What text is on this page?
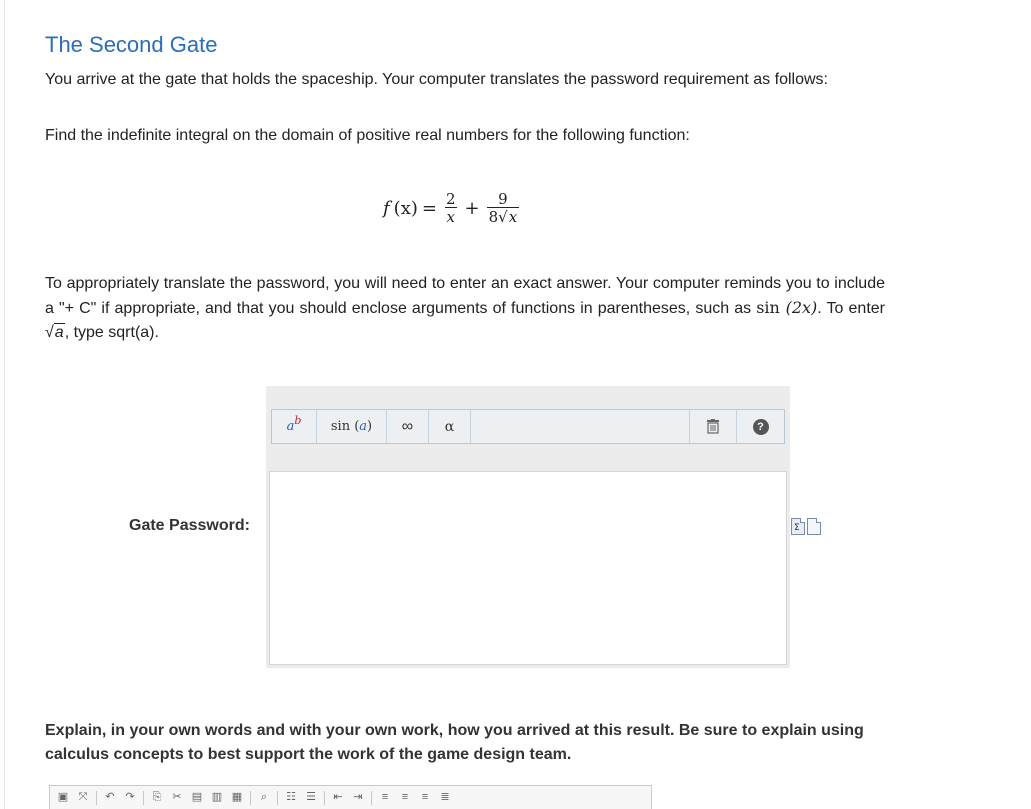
The Second Gate
You arrive at the gate that holds the spaceship. Your computer translates the password requirement as follows:
Find the indefinite integral on the domain of positive real numbers for the following function:
f $(x) = \frac{2}{x} + \frac{9}{8√x}$
To appropriately translate the password, you will need to enter an exact answer. Your computer reminds you to include a "+ C" if appropriate, and that you should enclose arguments of functions in parentheses, such as sin (2x). To enter √a, type sqrt(a).
Gate Password:
a b sin
( a )	∞	α	?
Σ
Explain, in your own words and with your own work, how you arrived at this result. Be sure to explain using calculus concepts to best support the work of the game design team.
▣ ⤧ ↶ ↷ ⎘ ✂ ▤ ▥ ▦	⌕	☷ ☰ ⇤ ⇥	≡	≡	≡	≣
